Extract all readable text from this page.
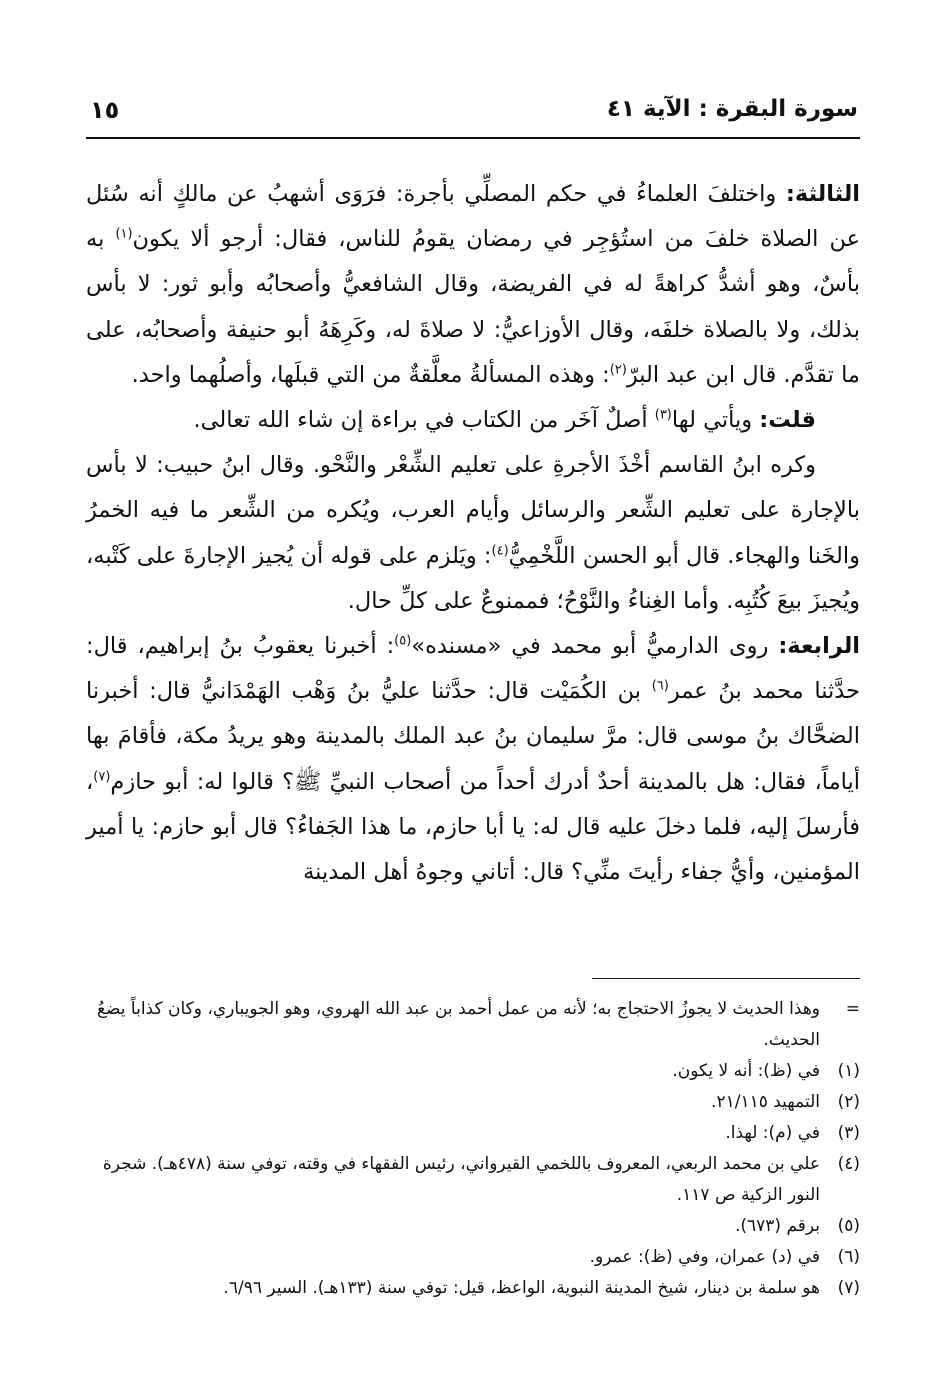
سورة البقرة : الآية ٤١
١٥

الثالثة: واختلفَ العلماءُ في حكم المصلِّي بأجرة: فرَوَى أشهبُ عن مالكٍ أنه سُئل عن الصلاة خلفَ من استُؤجِر في رمضان يقومُ للناس، فقال: أرجو ألا يكون$^{(١)}$ به بأسٌ، وهو أشدُّ كراهةً له في الفريضة، وقال الشافعيُّ وأصحابُه وأبو ثور: لا بأس بذلك، ولا بالصلاة خلفَه، وقال الأوزاعيُّ: لا صلاةَ له، وكَرِهَهُ أبو حنيفة وأصحابُه، على ما تقدَّم. قال ابن عبد البرّ$^{(٢)}$: وهذه المسألةُ معلَّقةٌ من التي قبلَها، وأصلُهما واحد.

قلت: ويأتي لها$^{(٣)}$ أصلٌ آخَر من الكتاب في براءة إن شاء الله تعالى.

وكره ابنُ القاسم أخْذَ الأجرةِ على تعليم الشِّعْر والنَّحْو. وقال ابنُ حبيب: لا بأس بالإجارة على تعليم الشِّعر والرسائل وأيام العرب، ويُكره من الشِّعر ما فيه الخمرُ والخَنا والهجاء. قال أبو الحسن اللَّخْمِيُّ$^{(٤)}$: ويَلزم على قوله أن يُجيز الإجارةَ على كَتْبه، ويُجيزَ بيعَ كُتُبِه. وأما الغِناءُ والنَّوْحُ؛ فممنوعٌ على كلِّ حال.

الرابعة: روى الدارميُّ أبو محمد في «مسنده»$^{(٥)}$: أخبرنا يعقوبُ بنُ إبراهيم، قال: حدَّثنا محمد بنُ عمر$^{(٦)}$ بن الكُمَيْت قال: حدَّثنا عليُّ بنُ وَهْب الهَمْدَانيُّ قال: أخبرنا الضحَّاك بنُ موسى قال: مرَّ سليمان بنُ عبد الملك بالمدينة وهو يريدُ مكة، فأقامَ بها أياماً، فقال: هل بالمدينة أحدٌ أدرك أحداً من أصحاب النبيِّ ﷺ؟ قالوا له: أبو حازم$^{(٧)}$، فأرسلَ إليه، فلما دخلَ عليه قال له: يا أبا حازم، ما هذا الجَفاءُ؟ قال أبو حازم: يا أمير المؤمنين، وأيُّ جفاء رأيتَ منِّي؟ قال: أتاني وجوهُ أهل المدينة

=
وهذا الحديث لا يجوزُ الاحتجاج به؛ لأنه من عمل أحمد بن عبد الله الهروي، وهو الجويباري، وكان كذاباً يضعُ الحديث.
(١)
في (ظ): أنه لا يكون.
(٢)
التمهيد ٢١/١١٥.
(٣)
في (م): لهذا.
(٤)
علي بن محمد الربعي، المعروف باللخمي القيرواني، رئيس الفقهاء في وقته، توفي سنة (٤٧٨هـ). شجرة النور الزكية ص ١١٧.
(٥)
برقم (٦٧٣).
(٦)
في (د) عمران، وفي (ظ): عمرو.
(٧)
هو سلمة بن دينار، شيخ المدينة النبوية، الواعظ، قيل: توفي سنة (١٣٣هـ). السير ٦/٩٦.
